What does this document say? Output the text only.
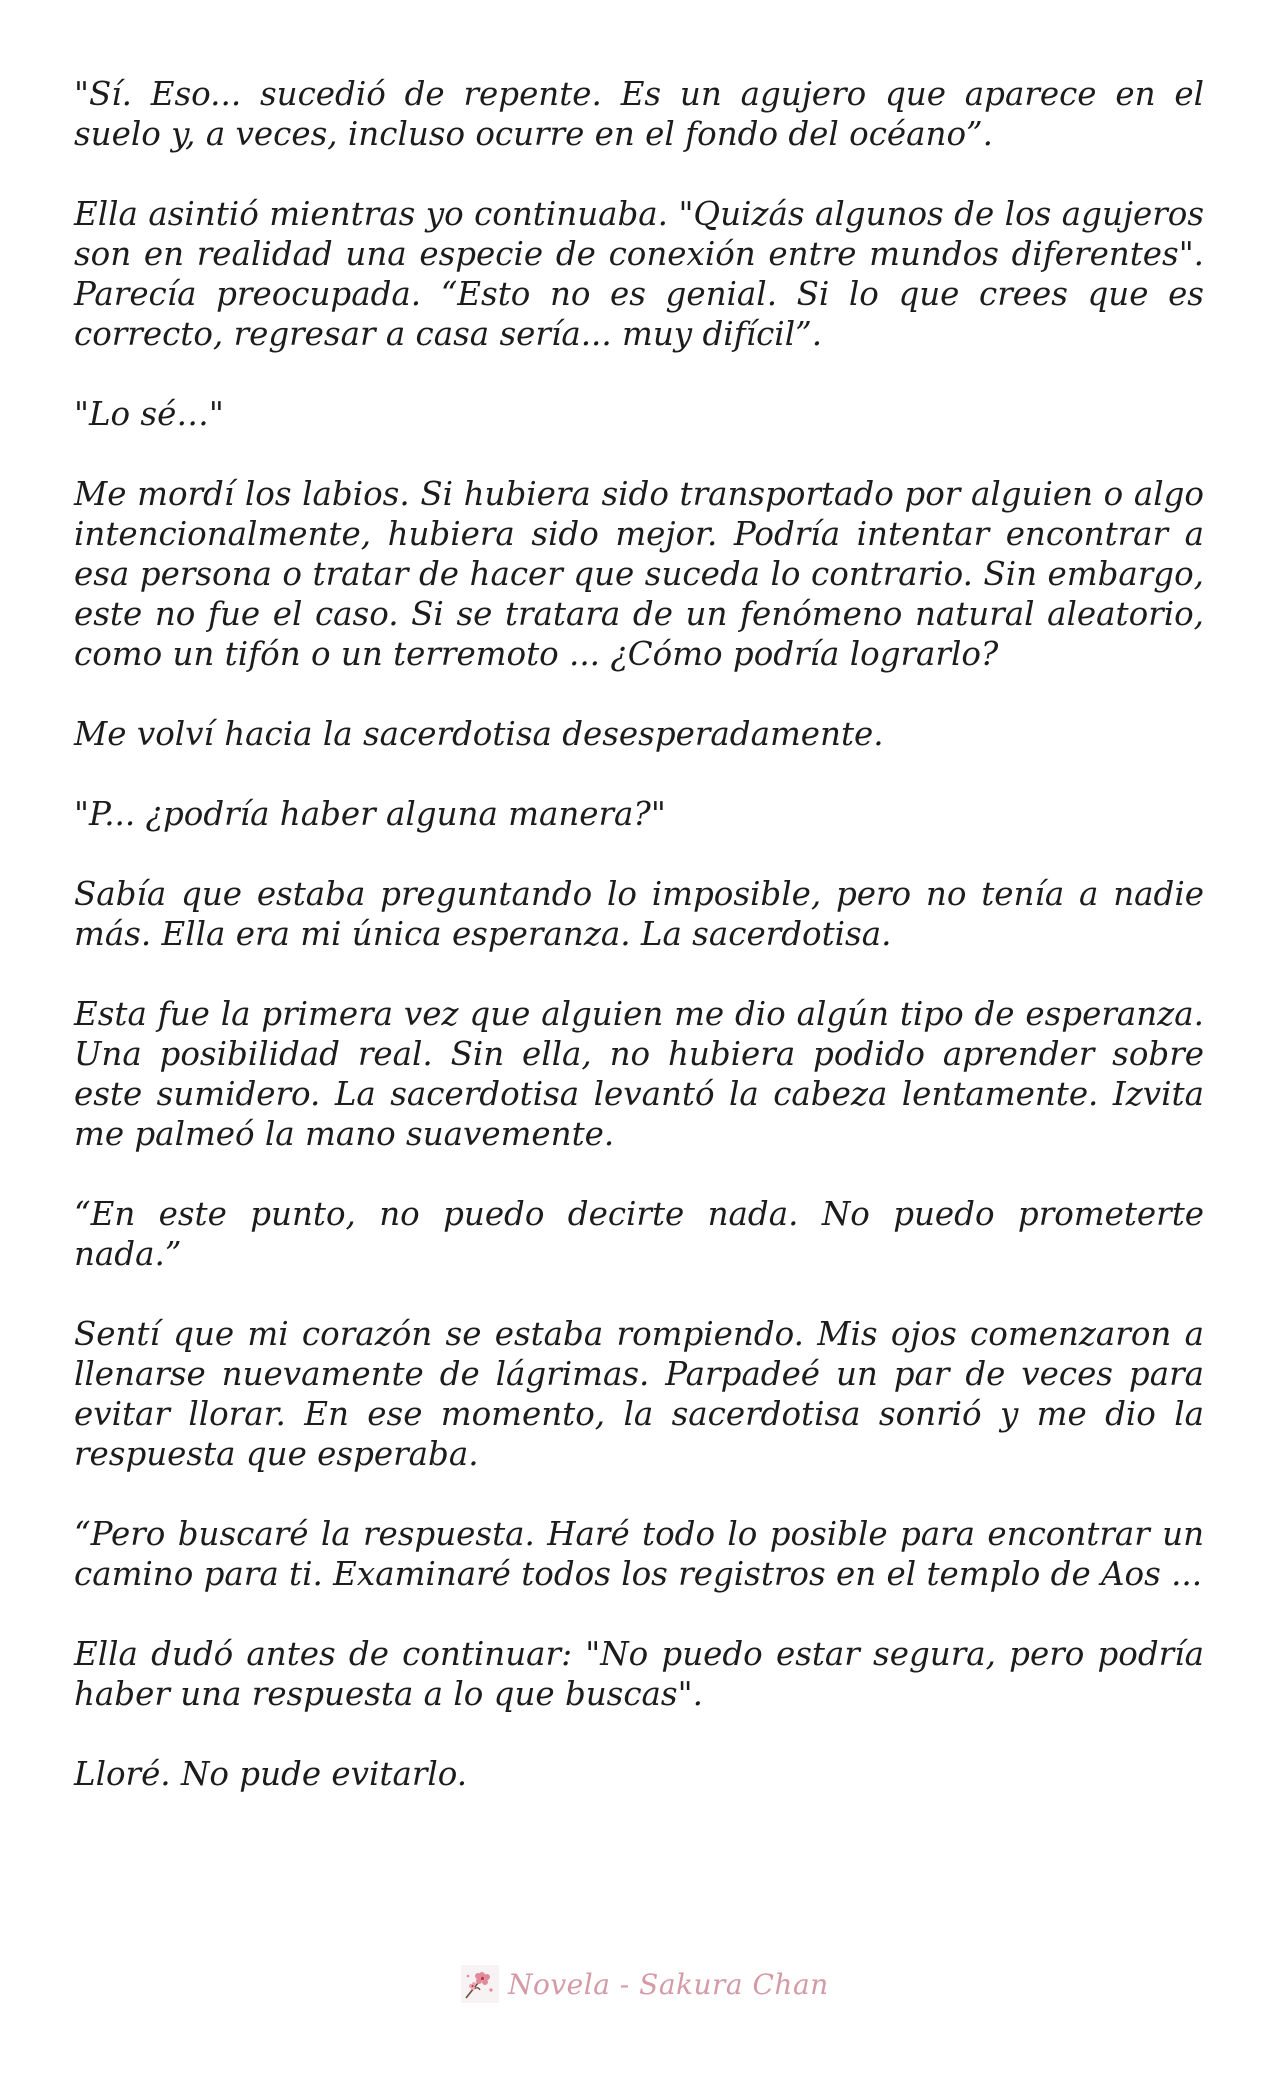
"Sí. Eso... sucedió de repente. Es un agujero que aparece en el suelo y, a veces, incluso ocurre en el fondo del océano”.

Ella asintió mientras yo continuaba. "Quizás algunos de los agujeros son en realidad una especie de conexión entre mundos diferentes". Parecía preocupada. “Esto no es genial. Si lo que crees que es correcto, regresar a casa sería... muy difícil”.

"Lo sé…"

Me mordí los labios. Si hubiera sido transportado por alguien o algo intencionalmente, hubiera sido mejor. Podría intentar encontrar a esa persona o tratar de hacer que suceda lo contrario. Sin embargo, este no fue el caso. Si se tratara de un fenómeno natural aleatorio, como un tifón o un terremoto ... ¿Cómo podría lograrlo?

Me volví hacia la sacerdotisa desesperadamente.

"P... ¿podría haber alguna manera?"

Sabía que estaba preguntando lo imposible, pero no tenía a nadie más. Ella era mi única esperanza. La sacerdotisa.

Esta fue la primera vez que alguien me dio algún tipo de esperanza. Una posibilidad real. Sin ella, no hubiera podido aprender sobre este sumidero. La sacerdotisa levantó la cabeza lentamente. Izvita me palmeó la mano suavemente.

“En este punto, no puedo decirte nada. No puedo prometerte nada.”

Sentí que mi corazón se estaba rompiendo. Mis ojos comenzaron a llenarse nuevamente de lágrimas. Parpadeé un par de veces para evitar llorar. En ese momento, la sacerdotisa sonrió y me dio la respuesta que esperaba.

“Pero buscaré la respuesta. Haré todo lo posible para encontrar un camino para ti. Examinaré todos los registros en el templo de Aos ...

Ella dudó antes de continuar: "No puedo estar segura, pero podría haber una respuesta a lo que buscas".

Lloré. No pude evitarlo.

Novela - Sakura Chan
